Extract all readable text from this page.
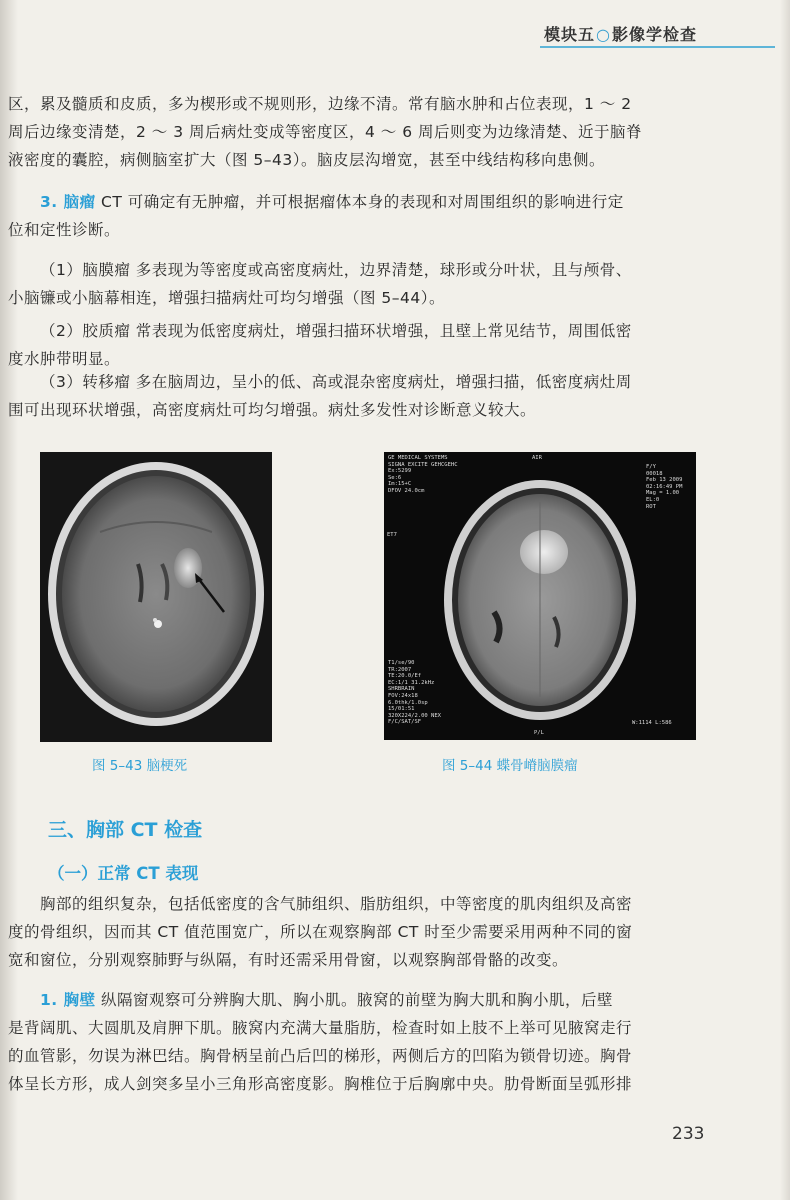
模块五○影像学检查
区，累及髓质和皮质，多为楔形或不规则形，边缘不清。常有脑水肿和占位表现，1 ～ 2
周后边缘变清楚，2 ～ 3 周后病灶变成等密度区，4 ～ 6 周后则变为边缘清楚、近于脑脊
液密度的囊腔，病侧脑室扩大（图 5–43）。脑皮层沟增宽，甚至中线结构移向患侧。
3. 脑瘤 CT 可确定有无肿瘤，并可根据瘤体本身的表现和对周围组织的影响进行定
位和定性诊断。
（1）脑膜瘤 多表现为等密度或高密度病灶，边界清楚，球形或分叶状，且与颅骨、
小脑镰或小脑幕相连，增强扫描病灶可均匀增强（图 5–44）。
（2）胶质瘤 常表现为低密度病灶，增强扫描环状增强，且壁上常见结节，周围低密
度水肿带明显。
（3）转移瘤 多在脑周边，呈小的低、高或混杂密度病灶，增强扫描，低密度病灶周
围可出现环状增强，高密度病灶可均匀增强。病灶多发性对诊断意义较大。
图 5–43 脑梗死
GE MEDICAL SYSTEMS
SIGNA EXCITE GEHCGEHC
Ex:5299
Se:6
Im:15+C
DFOV 24.0cm
AIR
F/Y
00018
Feb 13 2009
02:16:49 PM
Mag = 1.00
EL:0
ROT
ET7
T1/se/90
TR:2007
TE:20.0/Ef
EC:1/1 31.2kHz
SHRBRAIN
FOV:24x18
6.0thk/1.0sp
15/01:51
320X224/2.00 NEX
F/C/SAT/SF	W:1114 L:586
P/L
图 5–44 蝶骨嵴脑膜瘤
三、胸部 CT 检查
（一）正常 CT 表现
胸部的组织复杂，包括低密度的含气肺组织、脂肪组织，中等密度的肌肉组织及高密
度的骨组织，因而其 CT 值范围宽广，所以在观察胸部 CT 时至少需要采用两种不同的窗
宽和窗位，分别观察肺野与纵隔，有时还需采用骨窗，以观察胸部骨骼的改变。
1. 胸壁 纵隔窗观察可分辨胸大肌、胸小肌。腋窝的前壁为胸大肌和胸小肌，后壁
是背阔肌、大圆肌及肩胛下肌。腋窝内充满大量脂肪，检查时如上肢不上举可见腋窝走行
的血管影，勿误为淋巴结。胸骨柄呈前凸后凹的梯形，两侧后方的凹陷为锁骨切迹。胸骨
体呈长方形，成人剑突多呈小三角形高密度影。胸椎位于后胸廓中央。肋骨断面呈弧形排
233
